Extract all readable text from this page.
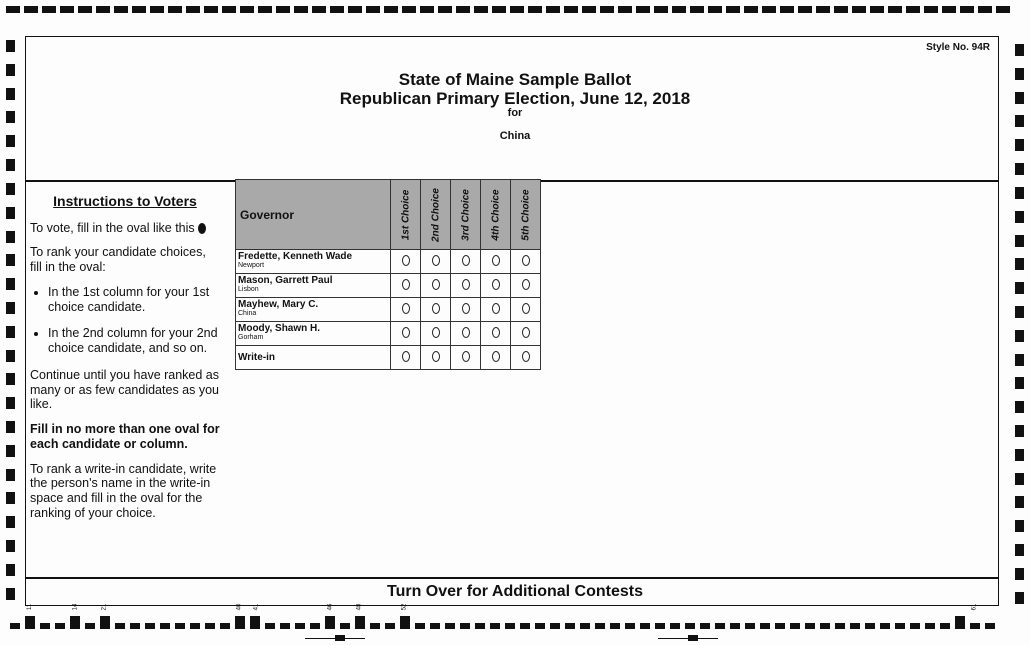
11	14	21	40 41	46	48	52	61
Style No. 94R
State of Maine Sample Ballot
Republican Primary Election, June 12, 2018
for
China
Instructions to Voters

To vote, fill in the oval like this

To rank your candidate choices, fill in the oval:

• In the 1st column for your 1st choice candidate.
• In the 2nd column for your 2nd choice candidate, and so on.

Continue until you have ranked as many or as few candidates as you like.

Fill in no more than one oval for each candidate or column.

To rank a write-in candidate, write the person's name in the write-in space and fill in the oval for the ranking of your choice.

Governor	1st Choice	2nd Choice	3rd Choice	4th Choice	5th Choice

Fredette, Kenneth Wade
Newport					

Mason, Garrett Paul
Lisbon					

Mayhew, Mary C.
China					

Moody, Shawn H.
Gorham					

Write-in					
Turn Over for Additional Contests
